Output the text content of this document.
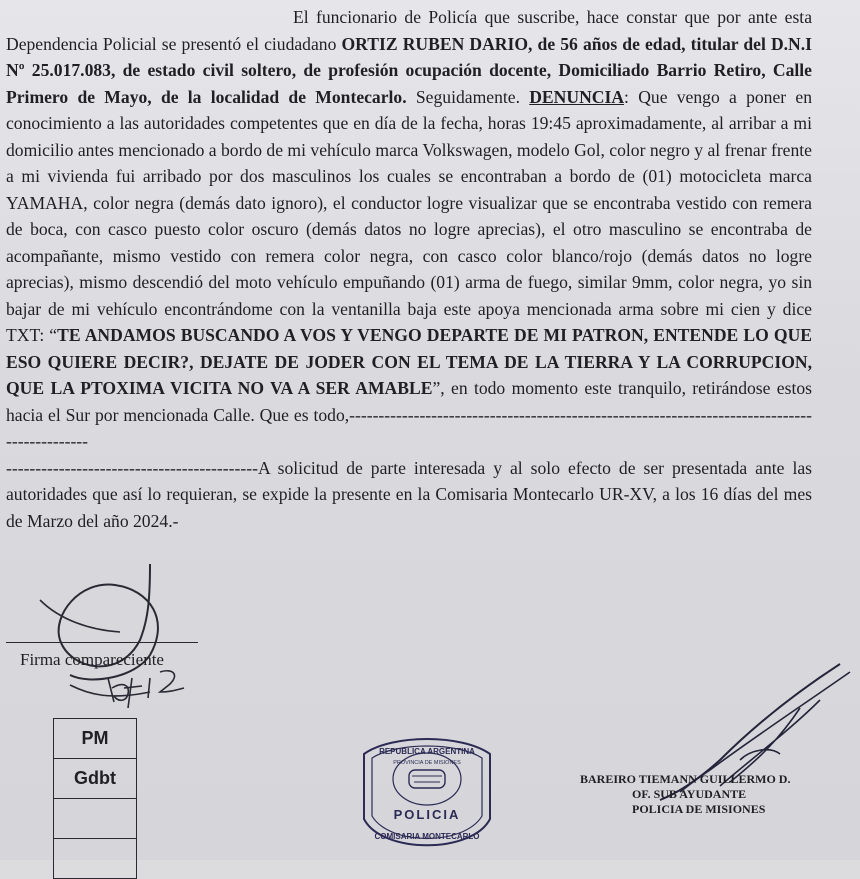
El funcionario de Policía que suscribe, hace constar que por ante esta Dependencia Policial se presentó el ciudadano ORTIZ RUBEN DARIO, de 56 años de edad, titular del D.N.I Nº 25.017.083, de estado civil soltero, de profesión ocupación docente, Domiciliado Barrio Retiro, Calle Primero de Mayo, de la localidad de Montecarlo. Seguidamente. DENUNCIA: Que vengo a poner en conocimiento a las autoridades competentes que en día de la fecha, horas 19:45 aproximadamente, al arribar a mi domicilio antes mencionado a bordo de mi vehículo marca Volkswagen, modelo Gol, color negro y al frenar frente a mi vivienda fui arribado por dos masculinos los cuales se encontraban a bordo de (01) motocicleta marca YAMAHA, color negra (demás dato ignoro), el conductor logre visualizar que se encontraba vestido con remera de boca, con casco puesto color oscuro (demás datos no logre aprecias), el otro masculino se encontraba de acompañante, mismo vestido con remera color negra, con casco color blanco/rojo (demás datos no logre aprecias), mismo descendió del moto vehículo empuñando (01) arma de fuego, similar 9mm, color negra, yo sin bajar de mi vehículo encontrándome con la ventanilla baja este apoya mencionada arma sobre mi cien y dice TXT: “TE ANDAMOS BUSCANDO A VOS Y VENGO DEPARTE DE MI PATRON, ENTENDE LO QUE ESO QUIERE DECIR?, DEJATE DE JODER CON EL TEMA DE LA TIERRA Y LA CORRUPCION, QUE LA PTOXIMA VICITA NO VA A SER AMABLE”, en todo momento este tranquilo, retirándose estos hacia el Sur por mencionada Calle. Que es todo,---------------------------------------------------------------------------------------------

-------------------------------------------A solicitud de parte interesada y al solo efecto de ser presentada ante las autoridades que así lo requieran, se expide la presente en la Comisaria Montecarlo UR-XV, a los 16 días del mes de Marzo del año 2024.-

Firma compareciente
PM
Gdbt

REPUBLICA ARGENTINA
PROVINCIA DE MISIONES
POLICIA
COMISARIA MONTECARLO
BAREIRO TIEMANN GUILLERMO D.
OF. SUB AYUDANTE
POLICIA DE MISIONES
